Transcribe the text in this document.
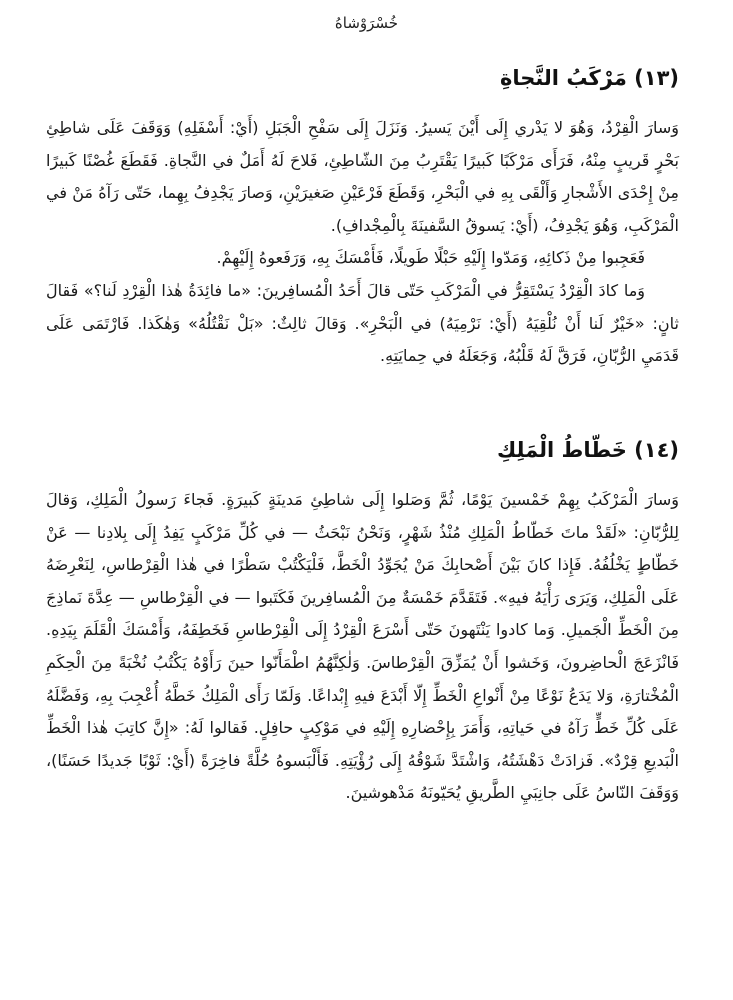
خُسْرَوْشاهُ
(١٣) مَرْكَبُ النَّجاةِ

وَسارَ الْقِرْدُ، وَهُوَ لا يَدْري إِلَى أَيْنَ يَسيرُ. وَنَزَلَ إِلَى سَفْحِ الْجَبَلِ (أَيْ: أَسْفَلِهِ) وَوَقَفَ عَلَى شاطِئِ بَحْرٍ قَريبٍ مِنْهُ، فَرَأَى مَرْكَبًا كَبيرًا يَقْتَرِبُ مِنَ الشّاطِئِ، فَلاحَ لَهُ أَمَلٌ في النَّجاةِ. فَقَطَعَ غُصْنًا كَبيرًا مِنْ إِحْدَى الأَشْجارِ وَأَلْقَى بِهِ في الْبَحْرِ، وَقَطَعَ فَرْعَيْنِ صَغيرَيْنِ، وَصارَ يَجْدِفُ بِهِما، حَتّى رَآهُ مَنْ في الْمَرْكَبِ، وَهُوَ يَجْدِفُ، (أَيْ: يَسوقُ السَّفينَةَ بِالْمِجْدافِ).

فَعَجِبوا مِنْ ذَكائِهِ، وَمَدّوا إِلَيْهِ حَبْلًا طَويلًا، فَأَمْسَكَ بِهِ، وَرَفَعوهُ إِلَيْهِمْ.

وَما كادَ الْقِرْدُ يَسْتَقِرُّ في الْمَرْكَبِ حَتّى قالَ أَحَدُ الْمُسافِرينَ: «ما فائِدَةُ هٰذا الْقِرْدِ لَنا؟» فَقالَ ثانٍ: «خَيْرٌ لَنا أَنْ نُلْقِيَهُ (أَيْ: نَرْمِيَهُ) في الْبَحْرِ». وَقالَ ثالِثٌ: «بَلْ نَقْتُلُهُ» وَهٰكَذا. فَارْتَمَى عَلَى قَدَمَيِ الرُّبّانِ، فَرَقَّ لَهُ قَلْبُهُ، وَجَعَلَهُ في حِمايَتِهِ.

(١٤) خَطّاطُ الْمَلِكِ

وَسارَ الْمَرْكَبُ بِهِمْ خَمْسينَ يَوْمًا، ثُمَّ وَصَلوا إِلَى شاطِئِ مَدينَةٍ كَبيرَةٍ. فَجاءَ رَسولُ الْمَلِكِ، وَقالَ لِلرُّبّانِ: «لَقَدْ ماتَ خَطّاطُ الْمَلِكِ مُنْذُ شَهْرٍ، وَنَحْنُ نَبْحَثُ — في كُلِّ مَرْكَبٍ يَفِدُ إِلَى بِلادِنا — عَنْ خَطّاطٍ يَخْلُفُهُ. فَإِذا كانَ بَيْنَ أَصْحابِكَ مَنْ يُجَوِّدُ الْخَطَّ، فَلْيَكْتُبْ سَطْرًا في هٰذا الْقِرْطاسِ، لِنَعْرِضَهُ عَلَى الْمَلِكِ، وَيَرَى رَأْيَهُ فيهِ». فَتَقَدَّمَ خَمْسَةٌ مِنَ الْمُسافِرينَ فَكَتَبوا — في الْقِرْطاسِ — عِدَّةَ نَماذِجَ مِنَ الْخَطِّ الْجَميلِ. وَما كادوا يَنْتَهونَ حَتّى أَسْرَعَ الْقِرْدُ إِلَى الْقِرْطاسِ فَخَطِفَهُ، وَأَمْسَكَ الْقَلَمَ بِيَدِهِ. فَانْزَعَجَ الْحاضِرونَ، وَخَشوا أَنْ يُمَزِّقَ الْقِرْطاسَ. وَلٰكِنَّهُمُ اطْمَأَنّوا حينَ رَأَوْهُ يَكْتُبُ نُخْبَةً مِنَ الْحِكَمِ الْمُخْتارَةِ، وَلا يَدَعُ نَوْعًا مِنْ أَنْواعِ الْخَطِّ إِلّا أَبْدَعَ فيهِ إِبْداعًا. وَلَمّا رَأَى الْمَلِكُ خَطَّهُ أُعْجِبَ بِهِ، وَفَضَّلَهُ عَلَى كُلِّ خَطٍّ رَآهُ في حَياتِهِ، وَأَمَرَ بِإِحْضارِهِ إِلَيْهِ في مَوْكِبٍ حافِلٍ. فَقالوا لَهُ: «إِنَّ كاتِبَ هٰذا الْخَطِّ الْبَديعِ قِرْدٌ». فَزادَتْ دَهْشَتُهُ، وَاشْتَدَّ شَوْقُهُ إِلَى رُؤْيَتِهِ. فَأَلْبَسوهُ حُلَّةً فاخِرَةً (أَيْ: ثَوْبًا جَديدًا حَسَنًا)، وَوَقَفَ النّاسُ عَلَى جانِبَيِ الطَّريقِ يُحَيّونَهُ مَدْهوشينَ.
